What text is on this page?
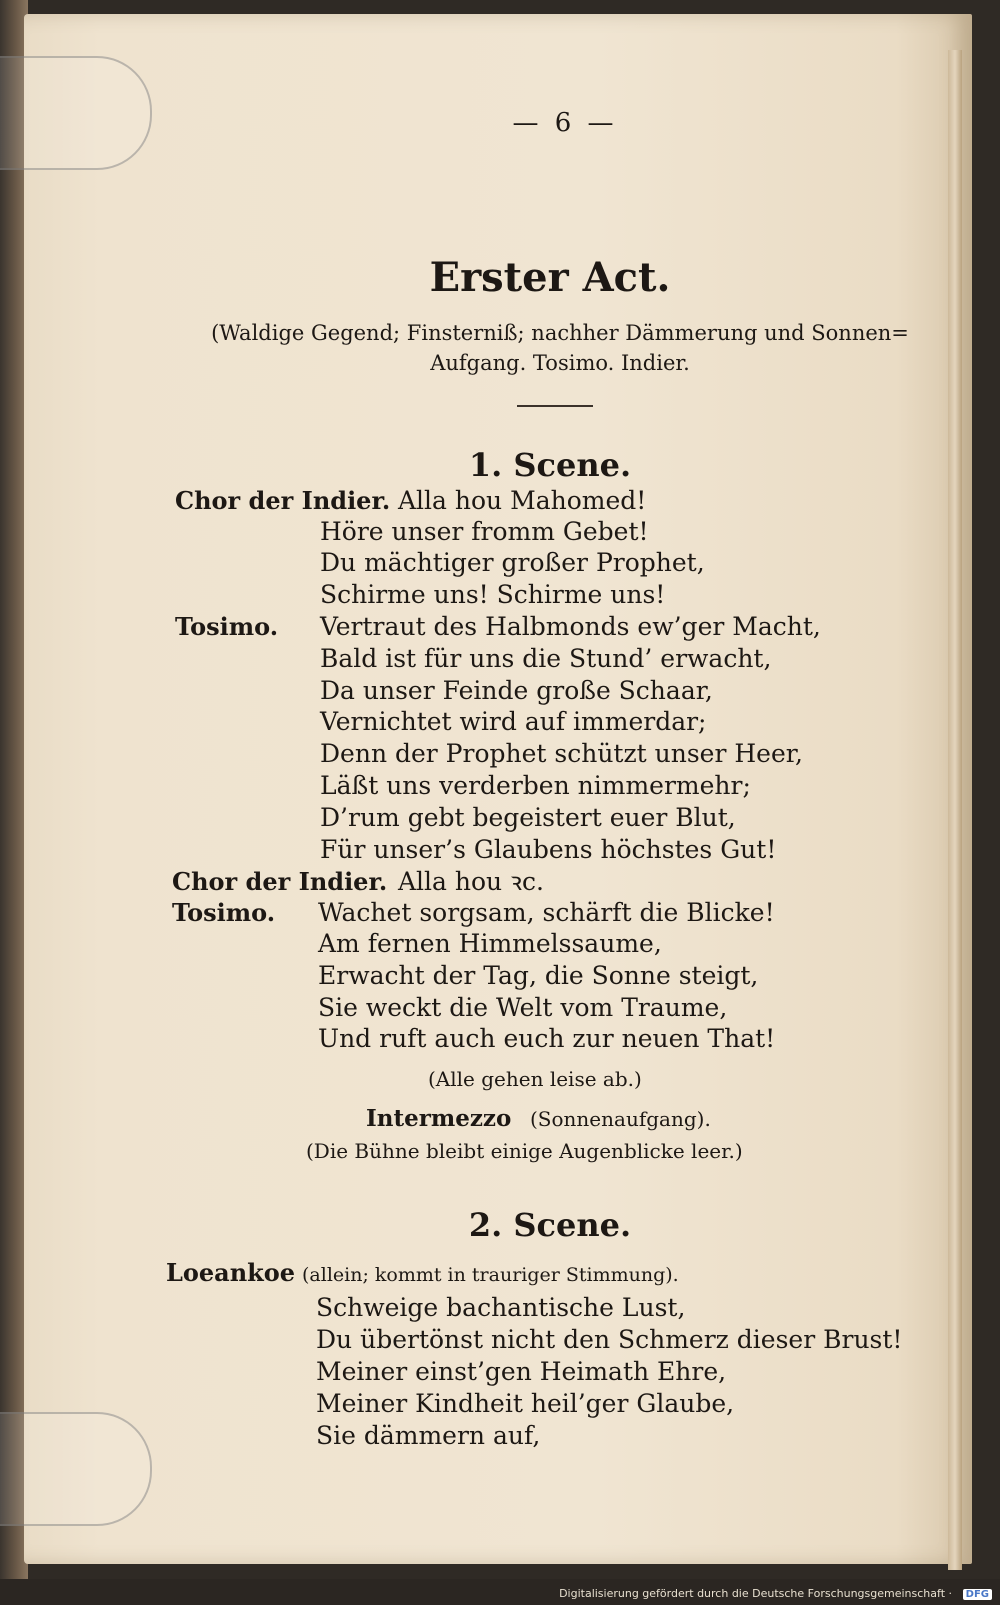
— 6 —
Erster Act.
(Waldige Gegend; Finsterniß; nachher Dämmerung und Sonnen=
Aufgang. Tosimo. Indier.
1. Scene.
Chor der Indier. Alla hou Mahomed!
Höre unser fromm Gebet!
Du mächtiger großer Prophet,
Schirme uns! Schirme uns!
Tosimo. Vertraut des Halbmonds ew’ger Macht,
Bald ist für uns die Stund’ erwacht,
Da unser Feinde große Schaar,
Vernichtet wird auf immerdar;
Denn der Prophet schützt unser Heer,
Läßt uns verderben nimmermehr;
D’rum gebt begeistert euer Blut,
Für unser’s Glaubens höchstes Gut!
Chor der Indier. Alla hou ꝛc.
Tosimo. Wachet sorgsam, schärft die Blicke!
Am fernen Himmelssaume,
Erwacht der Tag, die Sonne steigt,
Sie weckt die Welt vom Traume,
Und ruft auch euch zur neuen That!
(Alle gehen leise ab.)
Intermezzo (Sonnenaufgang).
(Die Bühne bleibt einige Augenblicke leer.)
2. Scene.
Loeankoe (allein; kommt in trauriger Stimmung).
Schweige bachantische Lust,
Du übertönst nicht den Schmerz dieser Brust!
Meiner einst’gen Heimath Ehre,
Meiner Kindheit heil’ger Glaube,
Sie dämmern auf,
Digitalisierung gefördert durch die Deutsche Forschungsgemeinschaft ·	DFG
